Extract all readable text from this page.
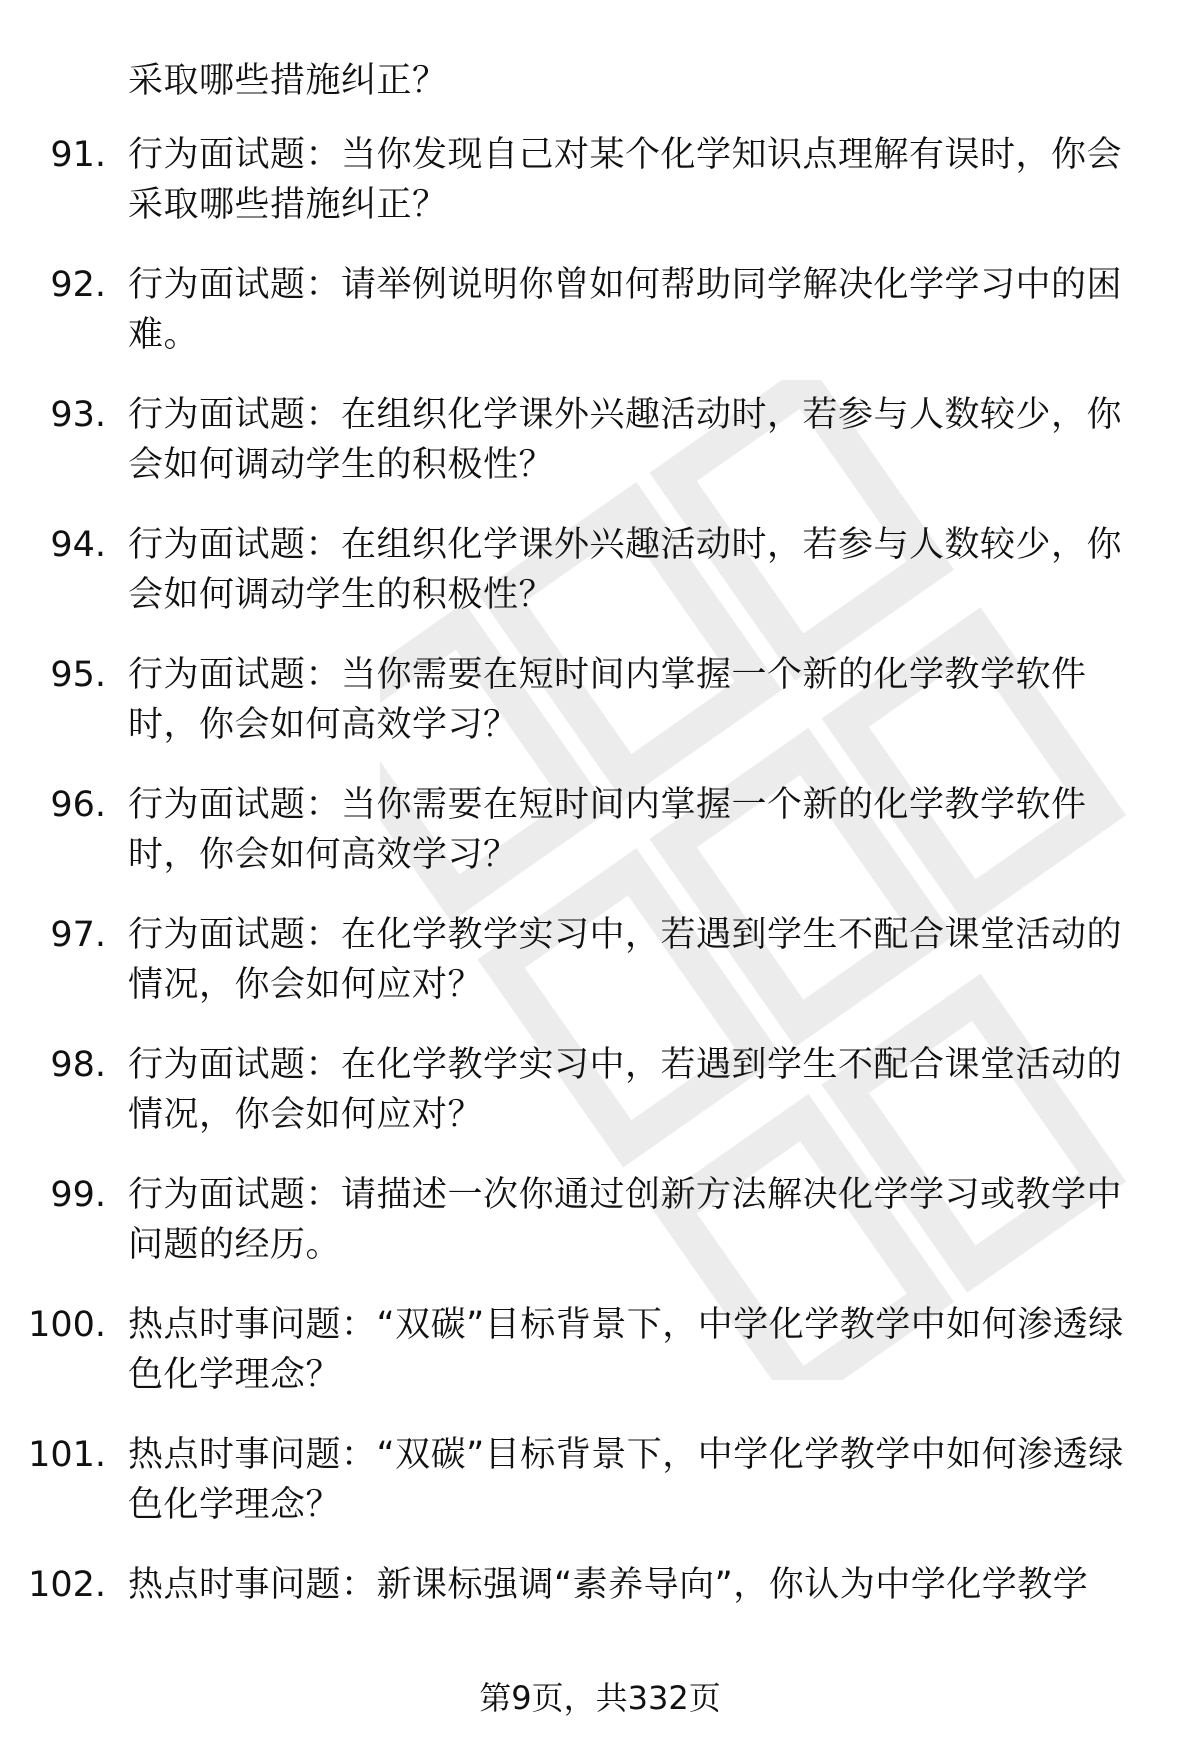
采取哪些措施纠正？
91. 行为面试题：当你发现自己对某个化学知识点理解有误时，你会采取哪些措施纠正？
92. 行为面试题：请举例说明你曾如何帮助同学解决化学学习中的困难。
93. 行为面试题：在组织化学课外兴趣活动时，若参与人数较少，你会如何调动学生的积极性？
94. 行为面试题：在组织化学课外兴趣活动时，若参与人数较少，你会如何调动学生的积极性？
95. 行为面试题：当你需要在短时间内掌握一个新的化学教学软件时，你会如何高效学习？
96. 行为面试题：当你需要在短时间内掌握一个新的化学教学软件时，你会如何高效学习？
97. 行为面试题：在化学教学实习中，若遇到学生不配合课堂活动的情况，你会如何应对？
98. 行为面试题：在化学教学实习中，若遇到学生不配合课堂活动的情况，你会如何应对？
99. 行为面试题：请描述一次你通过创新方法解决化学学习或教学中问题的经历。
100. 热点时事问题：“双碳”目标背景下，中学化学教学中如何渗透绿色化学理念？
101. 热点时事问题：“双碳”目标背景下，中学化学教学中如何渗透绿色化学理念？
102. 热点时事问题：新课标强调“素养导向”，你认为中学化学教学
第9页，共332页
